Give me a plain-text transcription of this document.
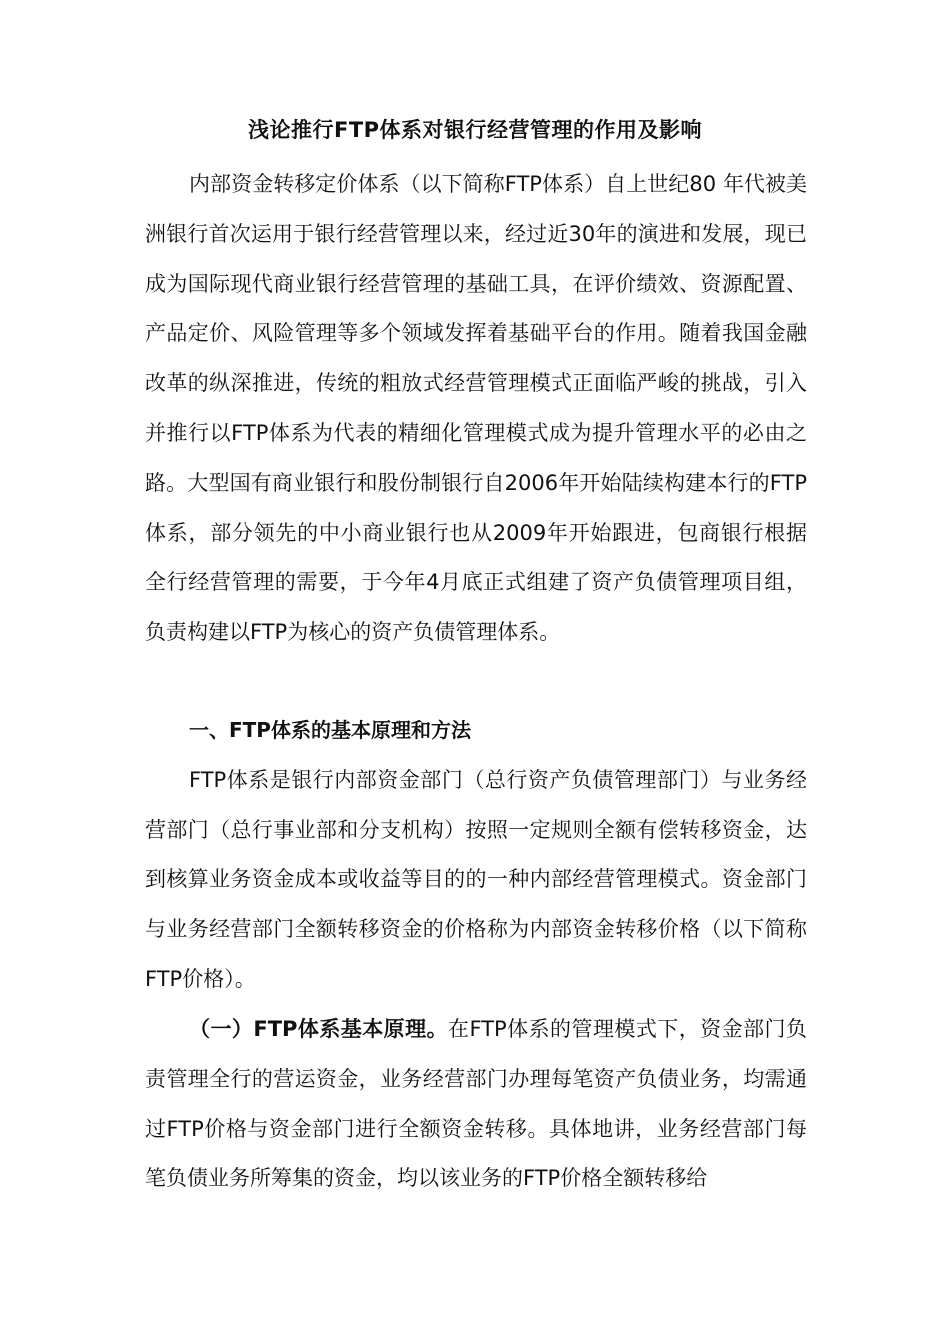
浅论推行FTP体系对银行经营管理的作用及影响

内部资金转移定价体系（以下简称FTP体系）自上世纪80 年代被美洲银行首次运用于银行经营管理以来，经过近30年的演进和发展，现已成为国际现代商业银行经营管理的基础工具，在评价绩效、资源配置、产品定价、风险管理等多个领域发挥着基础平台的作用。随着我国金融改革的纵深推进，传统的粗放式经营管理模式正面临严峻的挑战，引入并推行以FTP体系为代表的精细化管理模式成为提升管理水平的必由之路。大型国有商业银行和股份制银行自2006年开始陆续构建本行的FTP体系，部分领先的中小商业银行也从2009年开始跟进，包商银行根据全行经营管理的需要，于今年4月底正式组建了资产负债管理项目组，负责构建以FTP为核心的资产负债管理体系。

一、FTP体系的基本原理和方法

FTP体系是银行内部资金部门（总行资产负债管理部门）与业务经营部门（总行事业部和分支机构）按照一定规则全额有偿转移资金，达到核算业务资金成本或收益等目的的一种内部经营管理模式。资金部门与业务经营部门全额转移资金的价格称为内部资金转移价格（以下简称FTP价格）。

（一）FTP体系基本原理。在FTP体系的管理模式下，资金部门负责管理全行的营运资金，业务经营部门办理每笔资产负债业务，均需通过FTP价格与资金部门进行全额资金转移。具体地讲，业务经营部门每笔负债业务所筹集的资金，均以该业务的FTP价格全额转移给
